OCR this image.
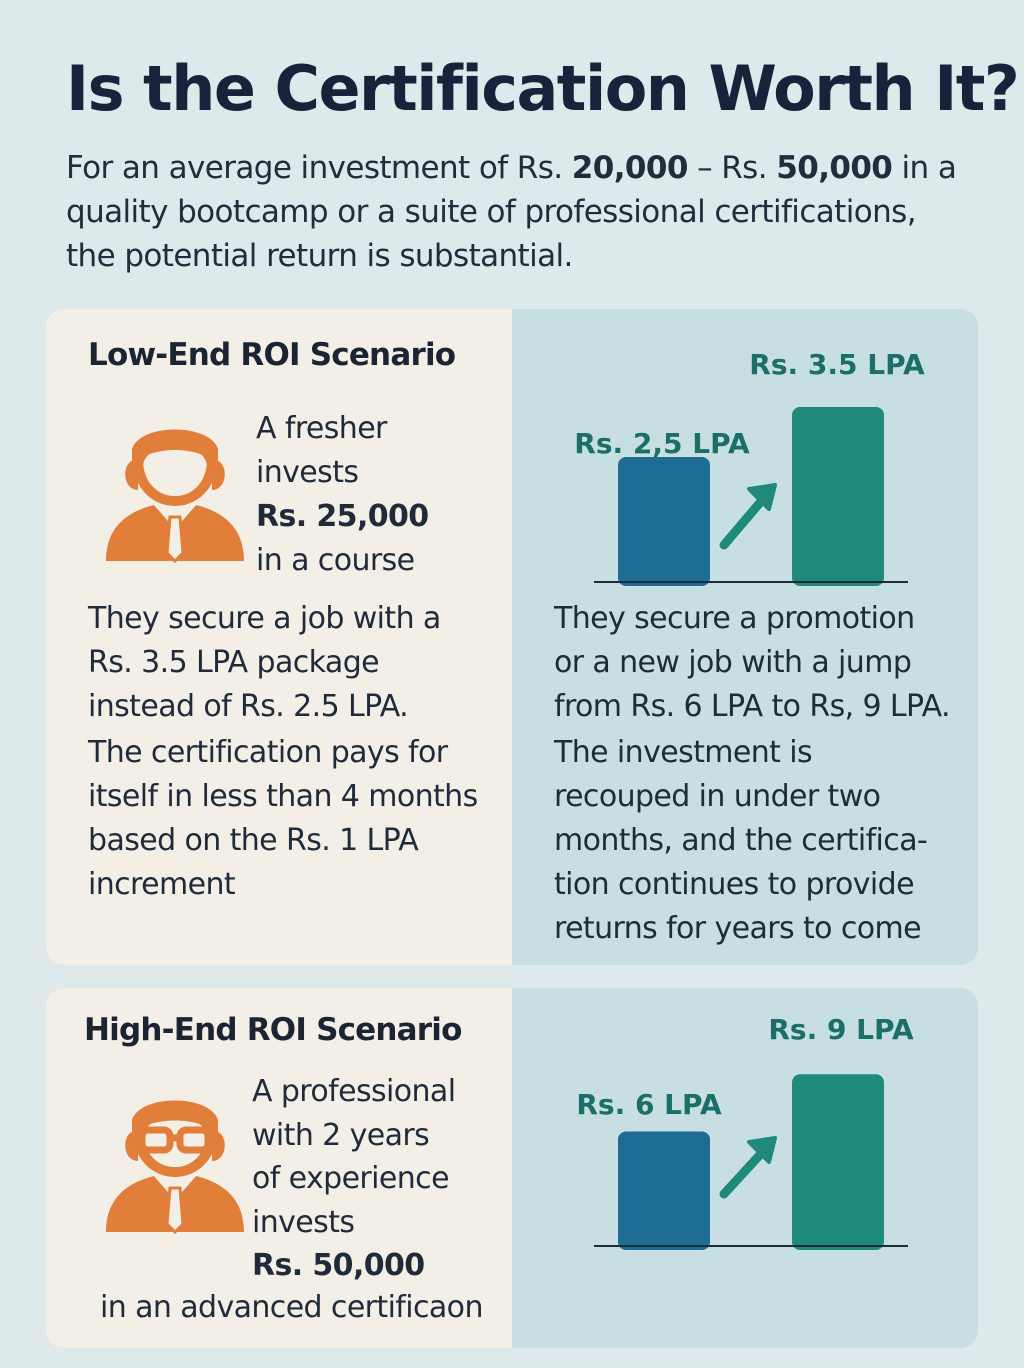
Is the Certification Worth It?

For an average investment of Rs. 20,000 – Rs. 50,000 in a quality bootcamp or a suite of professional certifications, the potential return is substantial.

Low-End ROI Scenario
A fresher
invests
Rs. 25,000
in a course
They secure a job with a
Rs. 3.5 LPA package
instead of Rs. 2.5 LPA.
The certification pays for
itself in less than 4 months
based on the Rs. 1 LPA
increment
Rs. 2,5 LPA
Rs. 3.5 LPA
They secure a promotion
or a new job with a jump
from Rs. 6 LPA to Rs, 9 LPA.
The investment is
recouped in under two
months, and the certifica-
tion continues to provide
returns for years to come
High-End ROI Scenario
A professional
with 2 years
of experience
invests
Rs. 50,000
in an advanced certificaon
Rs. 6 LPA
Rs. 9 LPA
